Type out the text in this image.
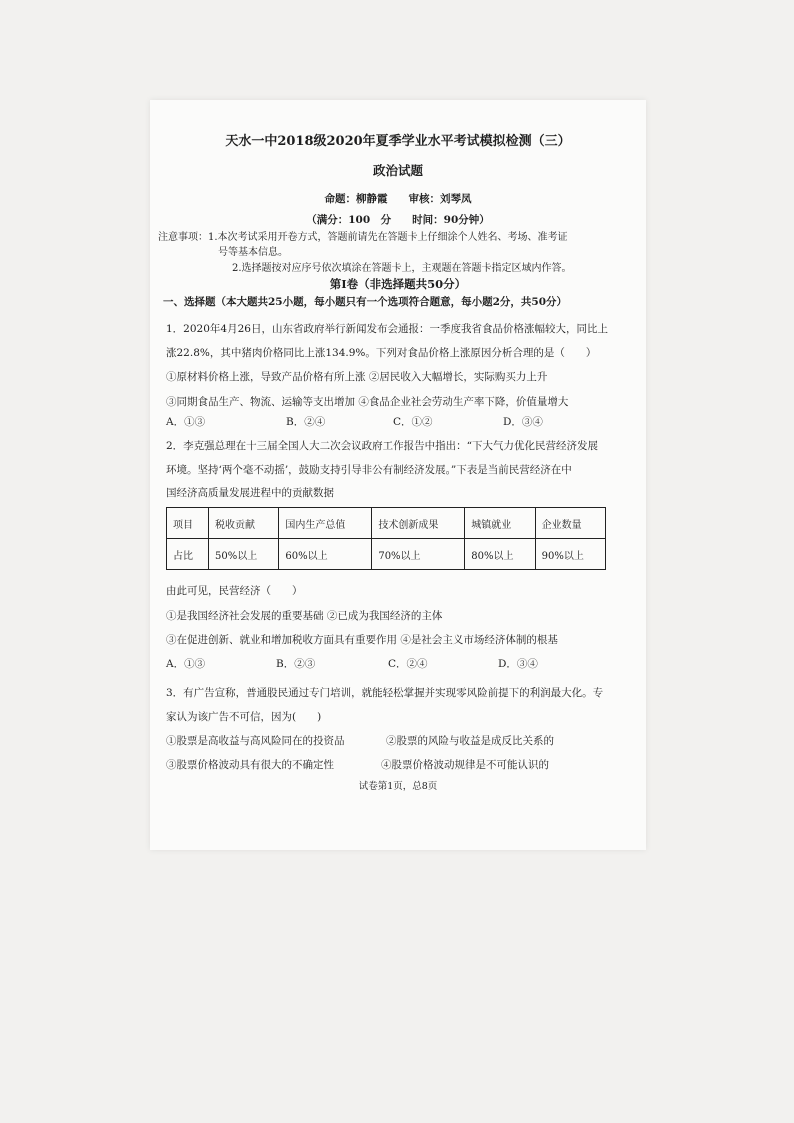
天水一中2018级2020年夏季学业水平考试模拟检测（三）
政治试题
命题：柳静霞　　审核：刘琴凤
（满分：100　分　　时间：90分钟）
注意事项：1.本次考试采用开卷方式，答题前请先在答题卡上仔细涂个人姓名、考场、准考证
号等基本信息。
2.选择题按对应序号依次填涂在答题卡上，主观题在答题卡指定区域内作答。
第Ⅰ卷（非选择题共50分）
一、选择题（本大题共25小题，每小题只有一个选项符合题意，每小题2分，共50分）
1．2020年4月26日，山东省政府举行新闻发布会通报：一季度我省食品价格涨幅较大，同比上
涨22.8%，其中猪肉价格同比上涨134.9%。下列对食品价格上涨原因分析合理的是（　　）
①原材料价格上涨，导致产品价格有所上涨 ②居民收入大幅增长，实际购买力上升
③同期食品生产、物流、运输等支出增加 ④食品企业社会劳动生产率下降，价值量增大
A．①③	B．②④	C．①②	D．③④
2．李克强总理在十三届全国人大二次会议政府工作报告中指出：“下大气力优化民营经济发展
环境。坚持‘两个毫不动摇’，鼓励支持引导非公有制经济发展。”下表是当前民营经济在中
国经济高质量发展进程中的贡献数据
项目	税收贡献	国内生产总值	技术创新成果	城镇就业	企业数量
占比	50%以上	60%以上	70%以上	80%以上	90%以上
由此可见，民营经济（　　）
①是我国经济社会发展的重要基础 ②已成为我国经济的主体
③在促进创新、就业和增加税收方面具有重要作用 ④是社会主义市场经济体制的根基
A．①③	B．②③	C．②④	D．③④
3．有广告宣称，普通股民通过专门培训，就能轻松掌握并实现零风险前提下的利润最大化。专
家认为该广告不可信，因为(　　)
①股票是高收益与高风险同在的投资品	②股票的风险与收益是成反比关系的
③股票价格波动具有很大的不确定性	④股票价格波动规律是不可能认识的
试卷第1页，总8页
